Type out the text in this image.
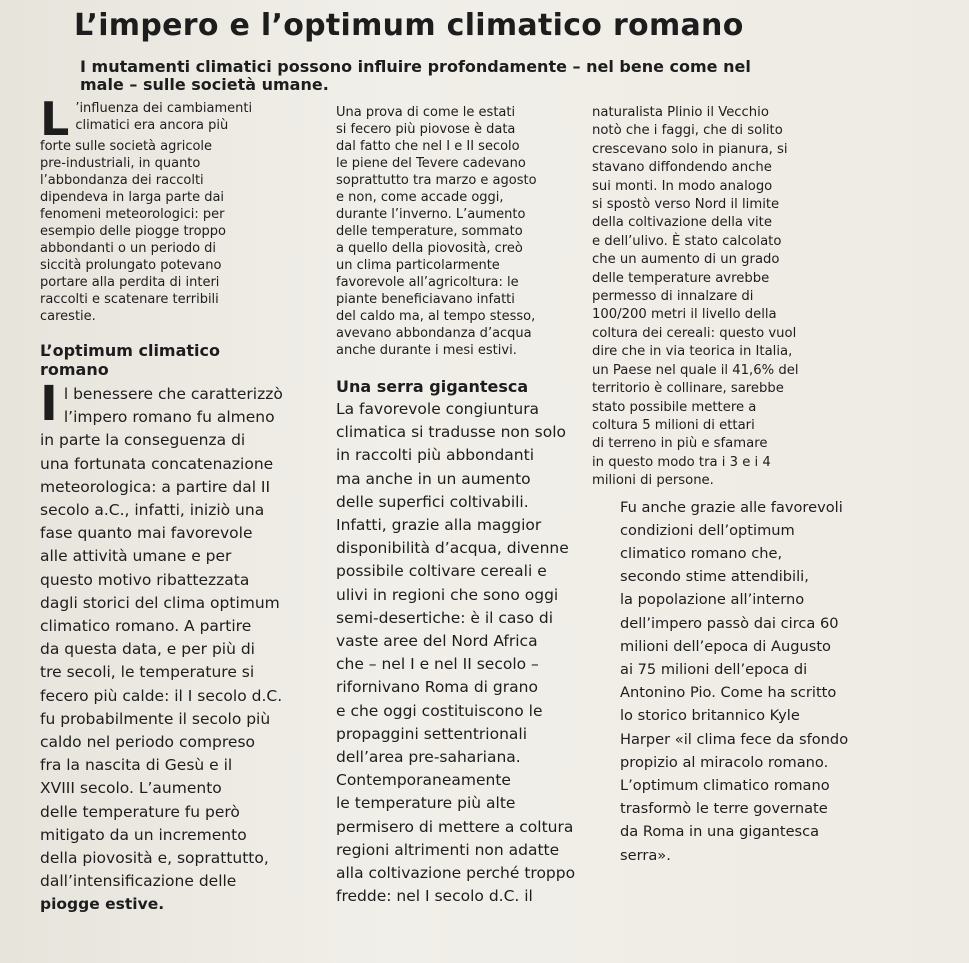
L’impero e l’optimum climatico romano
I mutamenti climatici possono influire profondamente – nel bene come nel male – sulle società umane.
L ’influenza dei cambiamenti

climatici era ancora più

forte sulle società agricole

pre-industriali, in quanto

l’abbondanza dei raccolti

dipendeva in larga parte dai

fenomeni meteorologici: per

esempio delle piogge troppo

abbondanti o un periodo di

siccità prolungato potevano

portare alla perdita di interi

raccolti e scatenare terribili

carestie.

L’optimum climatico romano
I l benessere che caratterizzò

l’impero romano fu almeno

in parte la conseguenza di

una fortunata concatenazione

meteorologica: a partire dal II

secolo a.C., infatti, iniziò una

fase quanto mai favorevole

alle attività umane e per

questo motivo ribattezzata

dagli storici del clima optimum

climatico romano. A partire

da questa data, e per più di

tre secoli, le temperature si

fecero più calde: il I secolo d.C.

fu probabilmente il secolo più

caldo nel periodo compreso

fra la nascita di Gesù e il

XVIII secolo. L’aumento

delle temperature fu però

mitigato da un incremento

della piovosità e, soprattutto,

dall’intensificazione delle

piogge estive.

Una prova di come le estati

si fecero più piovose è data

dal fatto che nel I e II secolo

le piene del Tevere cadevano

soprattutto tra marzo e agosto

e non, come accade oggi,

durante l’inverno. L’aumento

delle temperature, sommato

a quello della piovosità, creò

un clima particolarmente

favorevole all’agricoltura: le

piante beneficiavano infatti

del caldo ma, al tempo stesso,

avevano abbondanza d’acqua

anche durante i mesi estivi.

Una serra gigantesca

La favorevole congiuntura

climatica si tradusse non solo

in raccolti più abbondanti

ma anche in un aumento

delle superfici coltivabili.

Infatti, grazie alla maggior

disponibilità d’acqua, divenne

possibile coltivare cereali e

ulivi in regioni che sono oggi

semi-desertiche: è il caso di

vaste aree del Nord Africa

che – nel I e nel II secolo –

rifornivano Roma di grano

e che oggi costituiscono le

propaggini settentrionali

dell’area pre-sahariana.

Contemporaneamente

le temperature più alte

permisero di mettere a coltura

regioni altrimenti non adatte

alla coltivazione perché troppo

fredde: nel I secolo d.C. il

naturalista Plinio il Vecchio

notò che i faggi, che di solito

crescevano solo in pianura, si

stavano diffondendo anche

sui monti. In modo analogo

si spostò verso Nord il limite

della coltivazione della vite

e dell’ulivo. È stato calcolato

che un aumento di un grado

delle temperature avrebbe

permesso di innalzare di

100/200 metri il livello della

coltura dei cereali: questo vuol

dire che in via teorica in Italia,

un Paese nel quale il 41,6% del

territorio è collinare, sarebbe

stato possibile mettere a

coltura 5 milioni di ettari

di terreno in più e sfamare

in questo modo tra i 3 e i 4

milioni di persone.

Fu anche grazie alle favorevoli

condizioni dell’optimum

climatico romano che,

secondo stime attendibili,

la popolazione all’interno

dell’impero passò dai circa 60

milioni dell’epoca di Augusto

ai 75 milioni dell’epoca di

Antonino Pio. Come ha scritto

lo storico britannico Kyle

Harper «il clima fece da sfondo

propizio al miracolo romano.

L’optimum climatico romano

trasformò le terre governate

da Roma in una gigantesca

serra».
